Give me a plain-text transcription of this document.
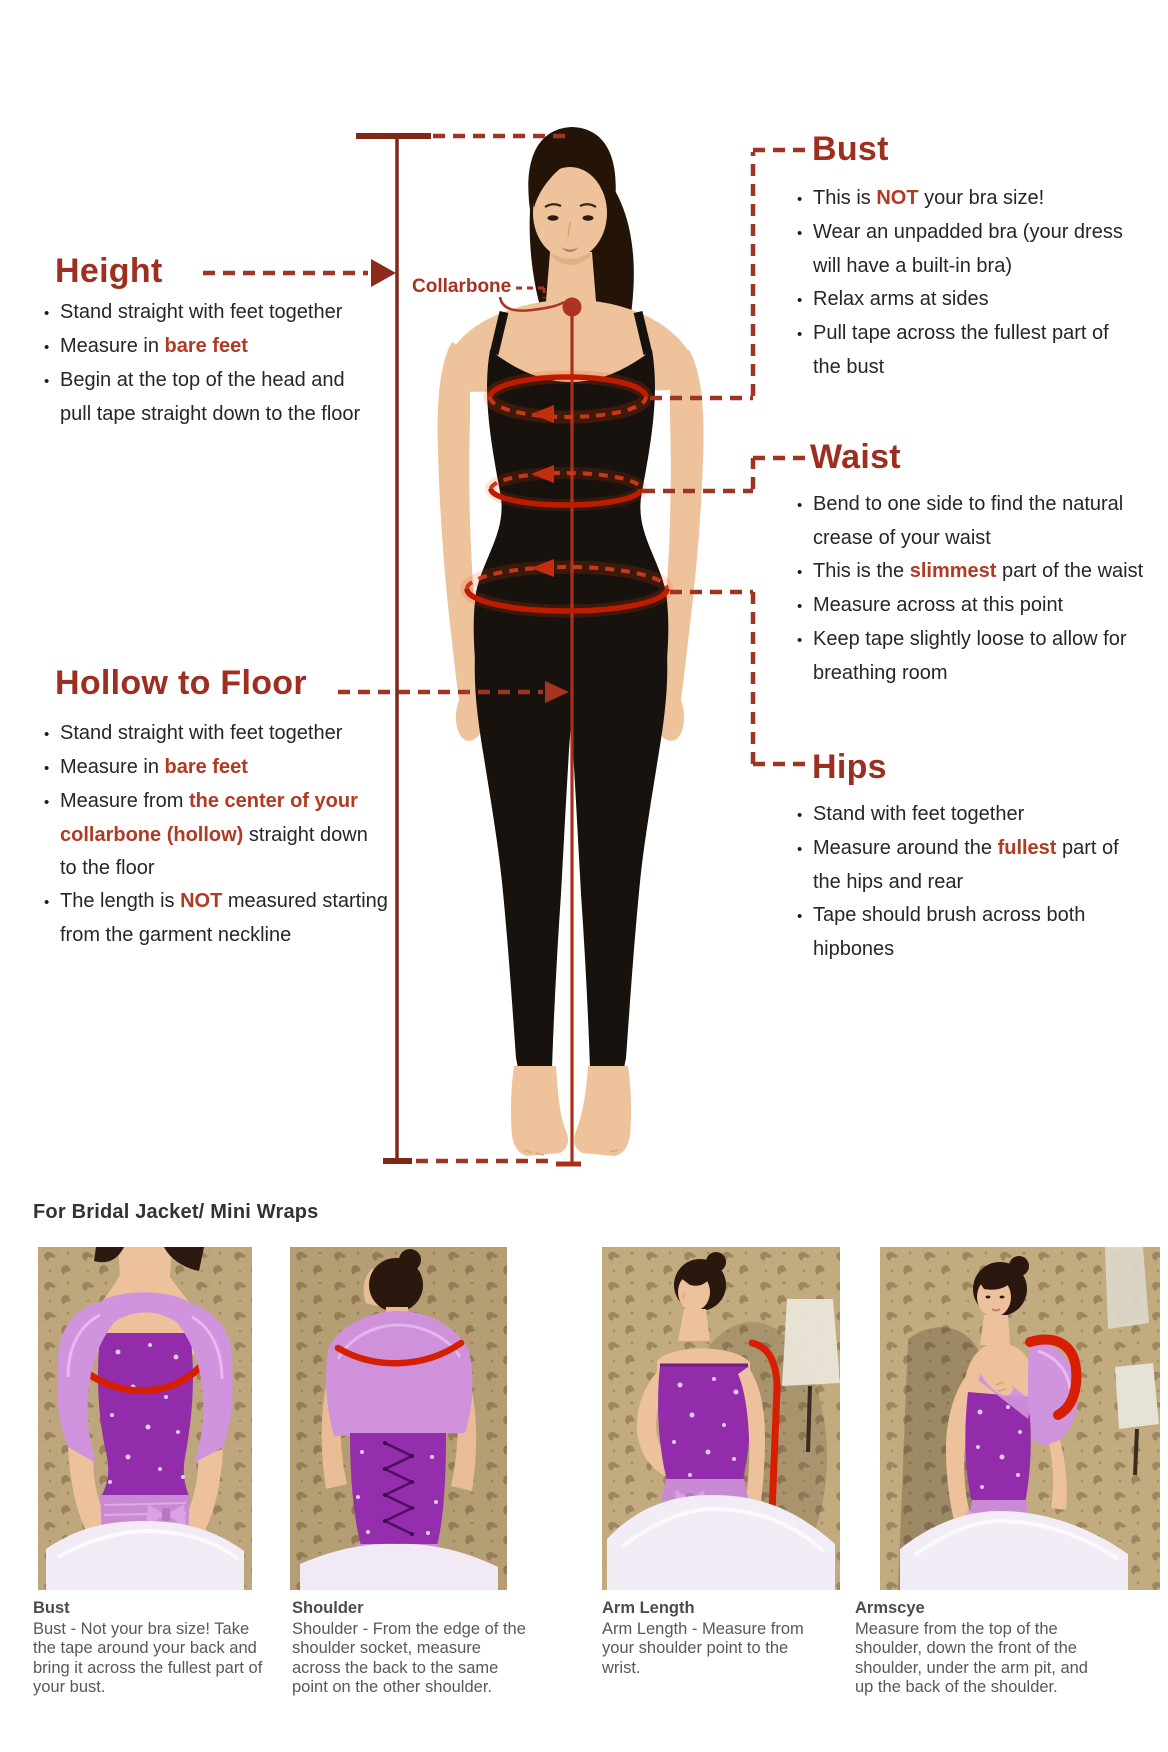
Height
• Stand straight with feet together
• Measure in bare feet
• Begin at the top of the head and
pull tape straight down to the floor
Hollow to Floor
• Stand straight with feet together
• Measure in bare feet
• Measure from the center of your
collarbone (hollow) straight down
to the floor
• The length is NOT measured starting
from the garment neckline
Bust
• This is NOT your bra size!
• Wear an unpadded bra (your dress
will have a built-in bra)
• Relax arms at sides
• Pull tape across the fullest part of
the bust
Waist
• Bend to one side to find the natural
crease of your waist
• This is the slimmest part of the waist
• Measure across at this point
• Keep tape slightly loose to allow for
breathing room
Hips
• Stand with feet together
• Measure around the fullest part of
the hips and rear
• Tape should brush across both
hipbones
Collarbone
For Bridal Jacket/ Mini Wraps
Bust
Bust - Not your bra size! Take the tape around your back and bring it across the fullest part of your bust.
Shoulder
Shoulder - From the edge of the shoulder socket, measure across the back to the same point on the other shoulder.
Arm Length
Arm Length - Measure from your shoulder point to the wrist.
Armscye
Measure from the top of the shoulder, down the front of the shoulder, under the arm pit, and up the back of the shoulder.
